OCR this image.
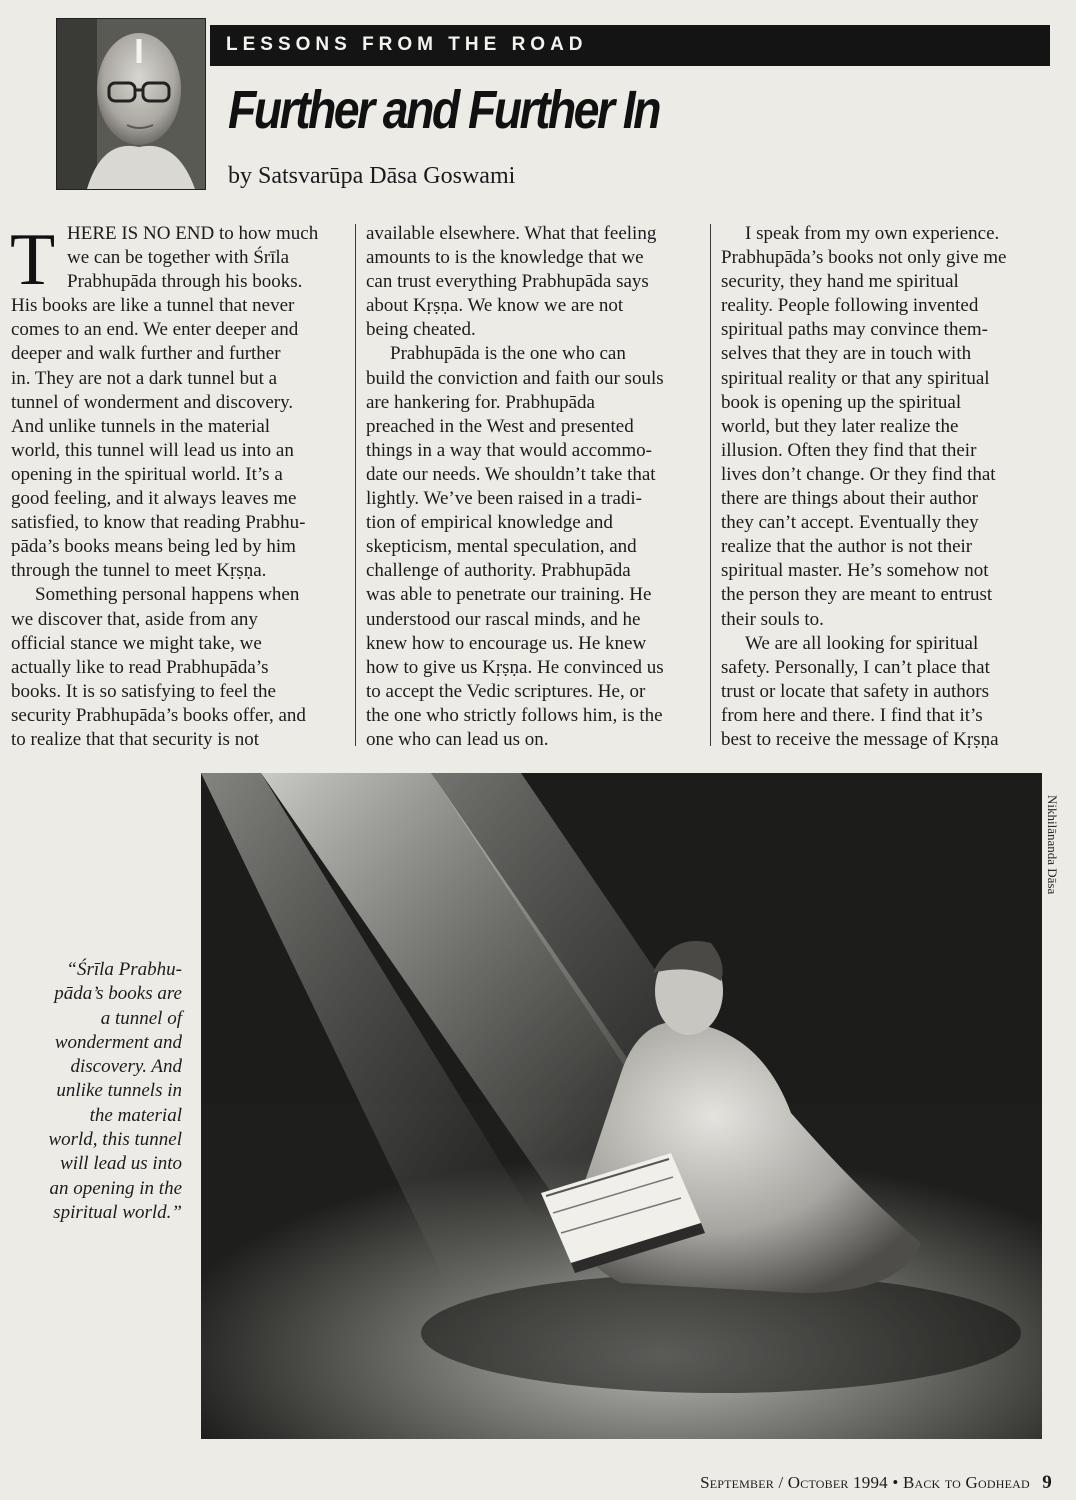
LESSONS FROM THE ROAD
Further and Further In
by Satsvarūpa Dāsa Goswami
T HERE IS NO END to how much
we can be together with Śrīla
Prabhupāda through his books.
His books are like a tunnel that never
comes to an end. We enter deeper and
deeper and walk further and further
in. They are not a dark tunnel but a
tunnel of wonderment and discovery.
And unlike tunnels in the material
world, this tunnel will lead us into an
opening in the spiritual world. It’s a
good feeling, and it always leaves me
satisfied, to know that reading Prabhu-
pāda’s books means being led by him
through the tunnel to meet Kṛṣṇa.
Something personal happens when
we discover that, aside from any
official stance we might take, we
actually like to read Prabhupāda’s
books. It is so satisfying to feel the
security Prabhupāda’s books offer, and
to realize that that security is not
available elsewhere. What that feeling
amounts to is the knowledge that we
can trust everything Prabhupāda says
about Kṛṣṇa. We know we are not
being cheated.
Prabhupāda is the one who can
build the conviction and faith our souls
are hankering for. Prabhupāda
preached in the West and presented
things in a way that would accommo-
date our needs. We shouldn’t take that
lightly. We’ve been raised in a tradi-
tion of empirical knowledge and
skepticism, mental speculation, and
challenge of authority. Prabhupāda
was able to penetrate our training. He
understood our rascal minds, and he
knew how to encourage us. He knew
how to give us Kṛṣṇa. He convinced us
to accept the Vedic scriptures. He, or
the one who strictly follows him, is the
one who can lead us on.
I speak from my own experience.
Prabhupāda’s books not only give me
security, they hand me spiritual
reality. People following invented
spiritual paths may convince them-
selves that they are in touch with
spiritual reality or that any spiritual
book is opening up the spiritual
world, but they later realize the
illusion. Often they find that their
lives don’t change. Or they find that
there are things about their author
they can’t accept. Eventually they
realize that the author is not their
spiritual master. He’s somehow not
the person they are meant to entrust
their souls to.
We are all looking for spiritual
safety. Personally, I can’t place that
trust or locate that safety in authors
from here and there. I find that it’s
best to receive the message of Kṛṣṇa
Nikhilānanda Dāsa
“Śrīla Prabhu-
pāda’s books are
a tunnel of
wonderment and
discovery. And
unlike tunnels in
the material
world, this tunnel
will lead us into
an opening in the
spiritual world.”
September / October 1994 • Back to Godhead 9
